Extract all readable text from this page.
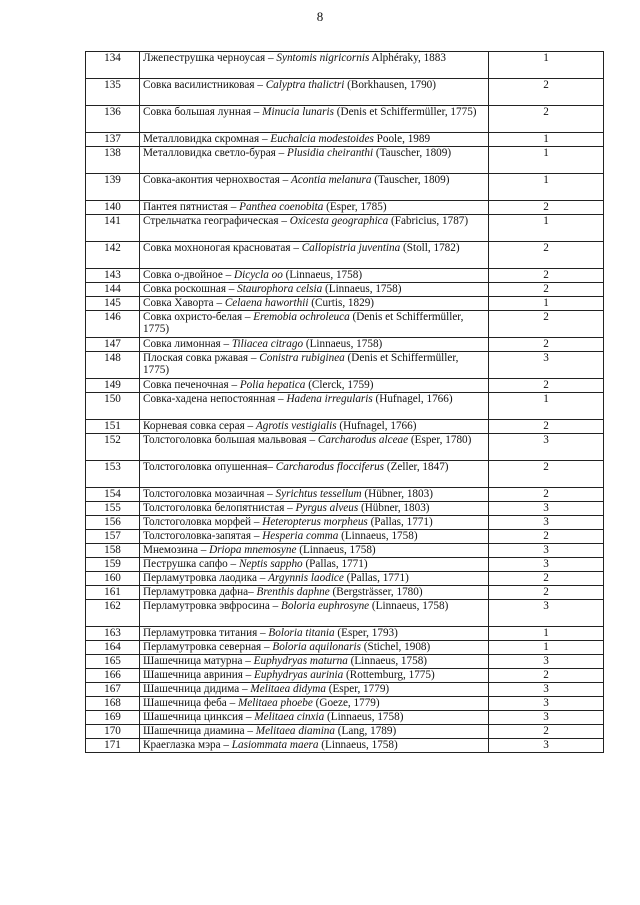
8
134	Лжепеструшка черноусая – Syntomis nigricornis Alphéraky, 1883	1
135	Совка василистниковая – Calyptra thalictri (Borkhausen, 1790)	2
136	Совка большая лунная – Minucia lunaris (Denis et Schiffermüller, 1775)	2
137	Металловидка скромная – Euchalcia modestoides Poole, 1989	1
138	Металловидка светло-бурая – Plusidia cheiranthi (Tauscher, 1809)	1
139	Совка-аконтия чернохвостая – Acontia melanura (Tauscher, 1809)	1
140	Пантея пятнистая – Panthea coenobita (Esper, 1785)	2
141	Стрельчатка географическая – Oxicesta geographica (Fabricius, 1787)	1
142	Совка мохноногая красноватая – Callopistria juventina (Stoll, 1782)	2
143	Совка о-двойное – Dicycla oo (Linnaeus, 1758)	2
144	Совка роскошная – Staurophora celsia (Linnaeus, 1758)	2
145	Совка Хаворта – Celaena haworthii (Curtis, 1829)	1
146	Совка охристо-белая – Eremobia ochroleuca (Denis et Schiffermüller, 1775)	2
147	Совка лимонная – Tiliacea citrago (Linnaeus, 1758)	2
148	Плоская совка ржавая – Conistra rubiginea (Denis et Schiffermüller, 1775)	3
149	Совка печеночная – Polia hepatica (Clerck, 1759)	2
150	Совка-хадена непостоянная – Hadena irregularis (Hufnagel, 1766)	1
151	Корневая совка серая – Agrotis vestigialis (Hufnagel, 1766)	2
152	Толстоголовка большая мальвовая – Carcharodus alceae (Esper, 1780)	3
153	Толстоголовка опушенная– Carcharodus flocciferus (Zeller, 1847)	2
154	Толстоголовка мозаичная – Syrichtus tessellum (Hübner, 1803)	2
155	Толстоголовка белопятнистая – Pyrgus alveus (Hübner, 1803)	3
156	Толстоголовка морфей – Heteropterus morpheus (Pallas, 1771)	3
157	Толстоголовка-запятая – Hesperia comma (Linnaeus, 1758)	2
158	Мнемозина – Driopa mnemosyne (Linnaeus, 1758)	3
159	Пеструшка сапфо – Neptis sappho (Pallas, 1771)	3
160	Перламутровка лаодика – Argynnis laodice (Pallas, 1771)	2
161	Перламутровка дафна– Brenthis daphne (Bergsträsser, 1780)	2
162	Перламутровка эвфросина – Boloria euphrosyne (Linnaeus, 1758)	3
163	Перламутровка титания – Boloria titania (Esper, 1793)	1
164	Перламутровка северная – Boloria aquilonaris (Stichel, 1908)	1
165	Шашечница матурна – Euphydryas maturna (Linnaeus, 1758)	3
166	Шашечница авриния – Euphydryas aurinia (Rottemburg, 1775)	2
167	Шашечница дидима – Melitaea didyma (Esper, 1779)	3
168	Шашечница феба – Melitaea phoebe (Goeze, 1779)	3
169	Шашечница цинксия – Melitaea cinxia (Linnaeus, 1758)	3
170	Шашечница диамина – Melitaea diamina (Lang, 1789)	2
171	Краеглазка мэра – Lasiommata maera (Linnaeus, 1758)	3
